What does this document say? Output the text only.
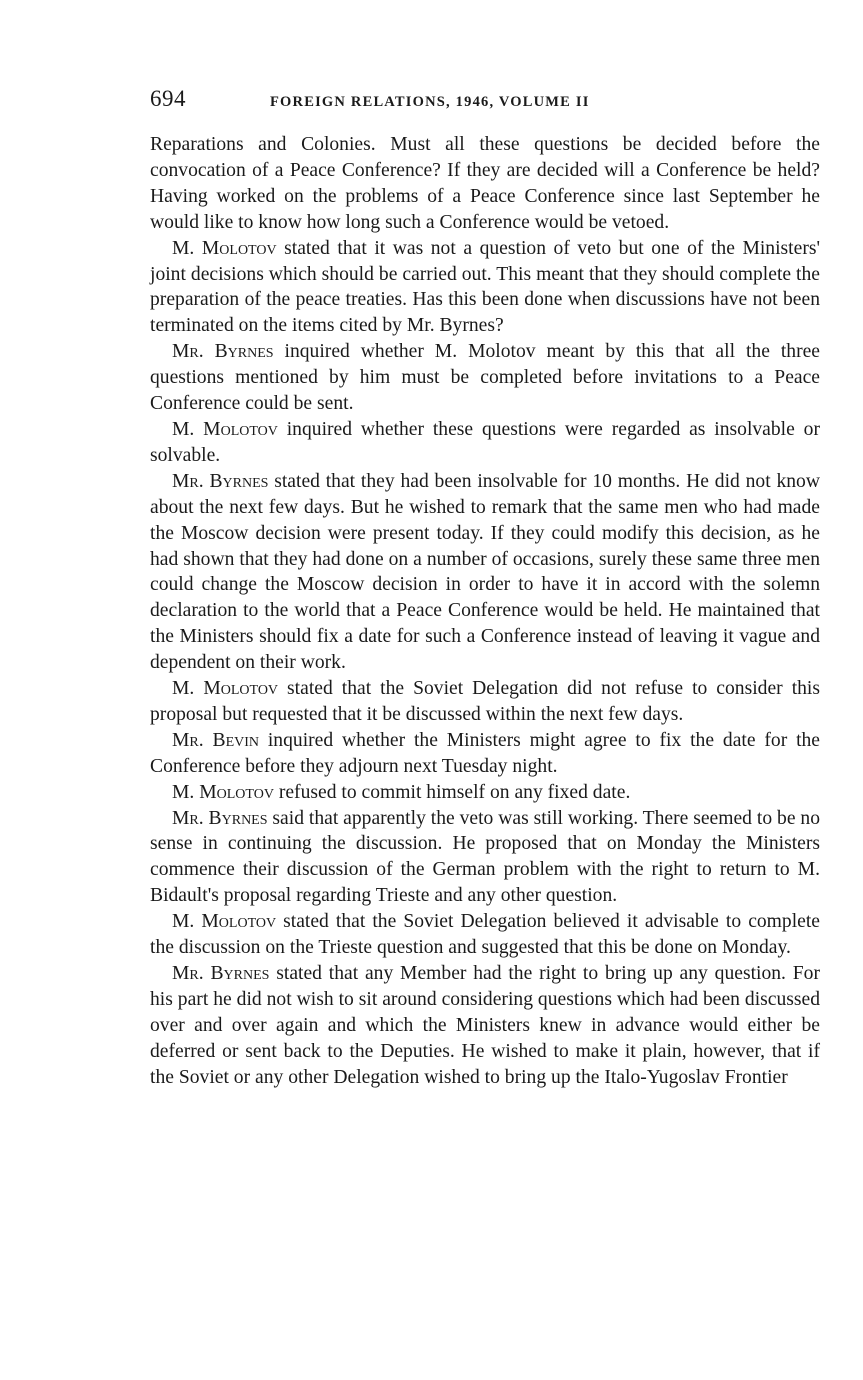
694	FOREIGN RELATIONS, 1946, VOLUME II

Reparations and Colonies. Must all these questions be decided before the convocation of a Peace Conference? If they are decided will a Conference be held? Having worked on the problems of a Peace Conference since last September he would like to know how long such a Conference would be vetoed.

M. Molotov stated that it was not a question of veto but one of the Ministers' joint decisions which should be carried out. This meant that they should complete the preparation of the peace treaties. Has this been done when discussions have not been terminated on the items cited by Mr. Byrnes?

Mr. Byrnes inquired whether M. Molotov meant by this that all the three questions mentioned by him must be completed before invitations to a Peace Conference could be sent.

M. Molotov inquired whether these questions were regarded as insolvable or solvable.

Mr. Byrnes stated that they had been insolvable for 10 months. He did not know about the next few days. But he wished to remark that the same men who had made the Moscow decision were present today. If they could modify this decision, as he had shown that they had done on a number of occasions, surely these same three men could change the Moscow decision in order to have it in accord with the solemn declaration to the world that a Peace Conference would be held. He maintained that the Ministers should fix a date for such a Conference instead of leaving it vague and dependent on their work.

M. Molotov stated that the Soviet Delegation did not refuse to consider this proposal but requested that it be discussed within the next few days.

Mr. Bevin inquired whether the Ministers might agree to fix the date for the Conference before they adjourn next Tuesday night.

M. Molotov refused to commit himself on any fixed date.

Mr. Byrnes said that apparently the veto was still working. There seemed to be no sense in continuing the discussion. He proposed that on Monday the Ministers commence their discussion of the German problem with the right to return to M. Bidault's proposal regarding Trieste and any other question.

M. Molotov stated that the Soviet Delegation believed it advisable to complete the discussion on the Trieste question and suggested that this be done on Monday.

Mr. Byrnes stated that any Member had the right to bring up any question. For his part he did not wish to sit around considering questions which had been discussed over and over again and which the Ministers knew in advance would either be deferred or sent back to the Deputies. He wished to make it plain, however, that if the Soviet or any other Delegation wished to bring up the Italo-Yugoslav Frontier
